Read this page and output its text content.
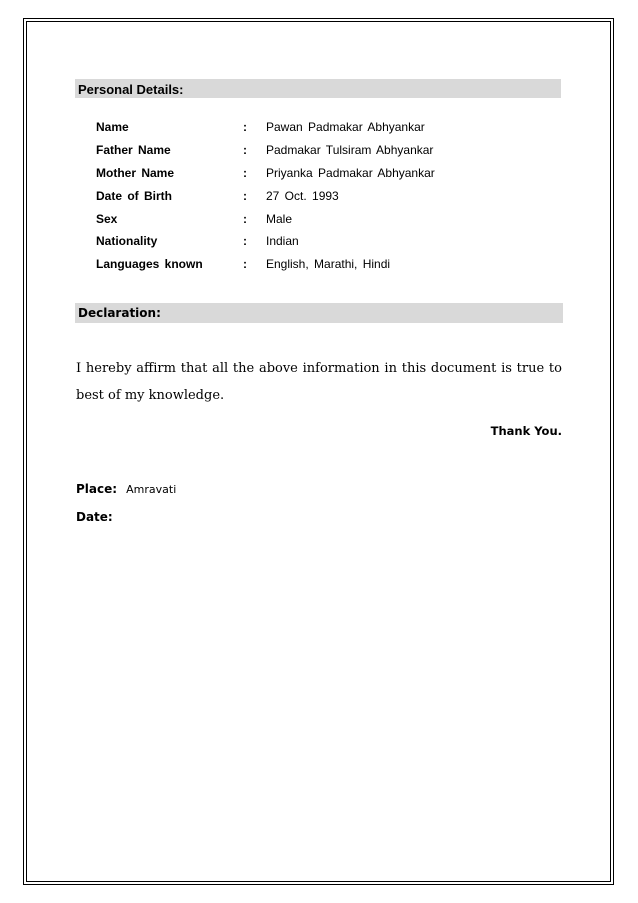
Personal Details:
Name	: Pawan Padmakar Abhyankar
Father Name	: Padmakar Tulsiram Abhyankar
Mother Name	: Priyanka Padmakar Abhyankar
Date of Birth	: 27 Oct. 1993
Sex	: Male
Nationality	: Indian
Languages known	: English, Marathi, Hindi
Declaration:
I hereby affirm that all the above information in this document is true to best of my knowledge.
Thank You.
Place: Amravati
Date:
